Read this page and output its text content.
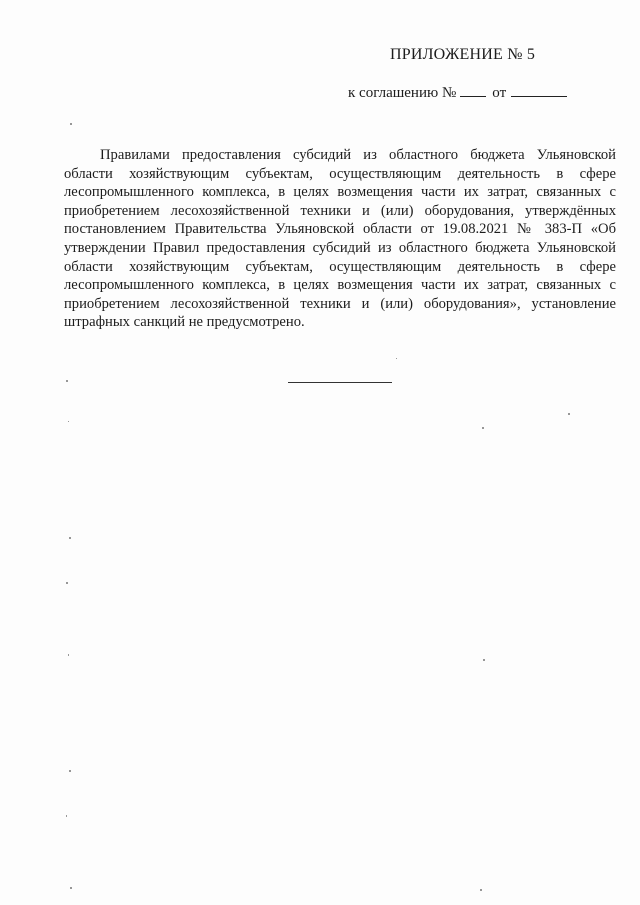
ПРИЛОЖЕНИЕ № 5
к соглашению № от

Правилами предоставления субсидий из областного бюджета Ульяновской области хозяйствующим субъектам, осуществляющим деятельность в сфере лесопромышленного комплекса, в целях возмещения части их затрат, связанных с приобретением лесохозяйственной техники и (или) оборудования, утверждённых постановлением Правительства Ульяновской области от 19.08.2021 № 383-П «Об утверждении Правил предоставления субсидий из областного бюджета Ульяновской области хозяйствующим субъектам, осуществляющим деятельность в сфере лесопромышленного комплекса, в целях возмещения части их затрат, связанных с приобретением лесохозяйственной техники и (или) оборудования», установление штрафных санкций не предусмотрено.
